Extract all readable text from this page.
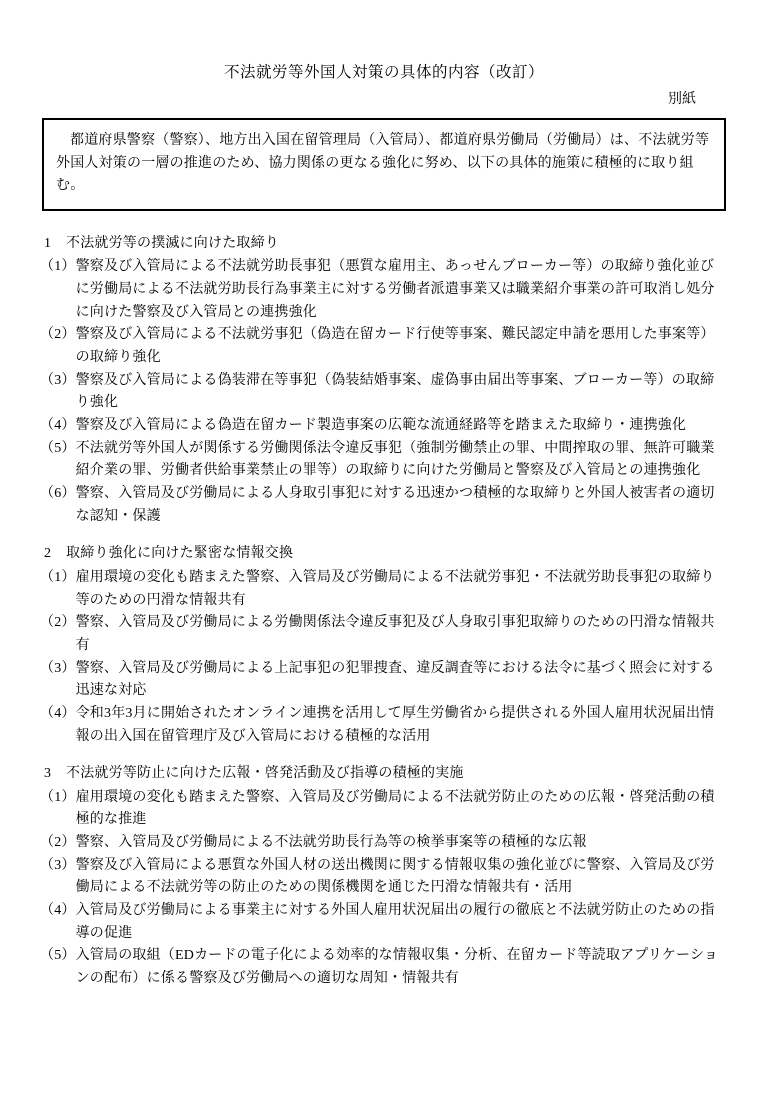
不法就労等外国人対策の具体的内容（改訂）
別紙

都道府県警察（警察）、地方出入国在留管理局（入管局）、都道府県労働局（労働局）は、不法就労等外国人対策の一層の推進のため、協力関係の更なる強化に努め、以下の具体的施策に積極的に取り組む。

1	不法就労等の撲滅に向けた取締り
（1） 警察及び入管局による不法就労助長事犯（悪質な雇用主、あっせんブローカー等）の取締り強化並びに労働局による不法就労助長行為事業主に対する労働者派遣事業又は職業紹介事業の許可取消し処分に向けた警察及び入管局との連携強化
（2） 警察及び入管局による不法就労事犯（偽造在留カード行使等事案、難民認定申請を悪用した事案等）の取締り強化
（3） 警察及び入管局による偽装滞在等事犯（偽装結婚事案、虚偽事由届出等事案、ブローカー等）の取締り強化
（4） 警察及び入管局による偽造在留カード製造事案の広範な流通経路等を踏まえた取締り・連携強化
（5） 不法就労等外国人が関係する労働関係法令違反事犯（強制労働禁止の罪、中間搾取の罪、無許可職業紹介業の罪、労働者供給事業禁止の罪等）の取締りに向けた労働局と警察及び入管局との連携強化
（6） 警察、入管局及び労働局による人身取引事犯に対する迅速かつ積極的な取締りと外国人被害者の適切な認知・保護
2	取締り強化に向けた緊密な情報交換
（1） 雇用環境の変化も踏まえた警察、入管局及び労働局による不法就労事犯・不法就労助長事犯の取締り等のための円滑な情報共有
（2） 警察、入管局及び労働局による労働関係法令違反事犯及び人身取引事犯取締りのための円滑な情報共有
（3） 警察、入管局及び労働局による上記事犯の犯罪捜査、違反調査等における法令に基づく照会に対する迅速な対応
（4） 令和3年3月に開始されたオンライン連携を活用して厚生労働省から提供される外国人雇用状況届出情報の出入国在留管理庁及び入管局における積極的な活用
3	不法就労等防止に向けた広報・啓発活動及び指導の積極的実施
（1） 雇用環境の変化も踏まえた警察、入管局及び労働局による不法就労防止のための広報・啓発活動の積極的な推進
（2） 警察、入管局及び労働局による不法就労助長行為等の検挙事案等の積極的な広報
（3） 警察及び入管局による悪質な外国人材の送出機関に関する情報収集の強化並びに警察、入管局及び労働局による不法就労等の防止のための関係機関を通じた円滑な情報共有・活用
（4） 入管局及び労働局による事業主に対する外国人雇用状況届出の履行の徹底と不法就労防止のための指導の促進
（5） 入管局の取組（EDカードの電子化による効率的な情報収集・分析、在留カード等読取アプリケーションの配布）に係る警察及び労働局への適切な周知・情報共有
